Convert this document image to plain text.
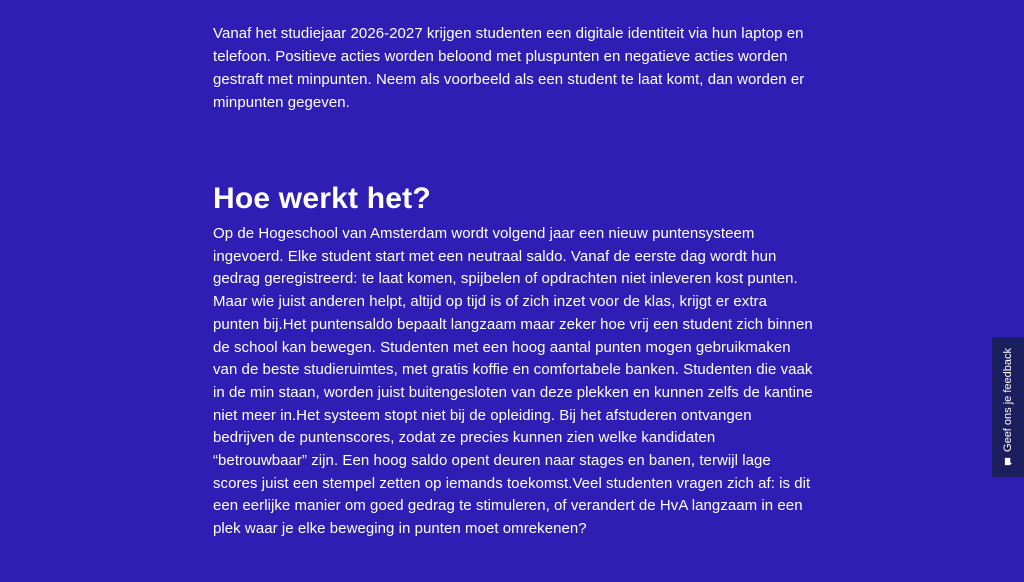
Vanaf het studiejaar 2026-2027 krijgen studenten een digitale identiteit via hun laptop en telefoon. Positieve acties worden beloond met pluspunten en negatieve acties worden gestraft met minpunten. Neem als voorbeeld als een student te laat komt, dan worden er minpunten gegeven.

Hoe werkt het?

Op de Hogeschool van Amsterdam wordt volgend jaar een nieuw puntensysteem ingevoerd. Elke student start met een neutraal saldo. Vanaf de eerste dag wordt hun gedrag geregistreerd: te laat komen, spijbelen of opdrachten niet inleveren kost punten. Maar wie juist anderen helpt, altijd op tijd is of zich inzet voor de klas, krijgt er extra punten bij.Het puntensaldo bepaalt langzaam maar zeker hoe vrij een student zich binnen de school kan bewegen. Studenten met een hoog aantal punten mogen gebruikmaken van de beste studieruimtes, met gratis koffie en comfortabele banken. Studenten die vaak in de min staan, worden juist buitengesloten van deze plekken en kunnen zelfs de kantine niet meer in.Het systeem stopt niet bij de opleiding. Bij het afstuderen ontvangen bedrijven de puntenscores, zodat ze precies kunnen zien welke kandidaten “betrouwbaar” zijn. Een hoog saldo opent deuren naar stages en banen, terwijl lage scores juist een stempel zetten op iemands toekomst.Veel studenten vragen zich af: is dit een eerlijke manier om goed gedrag te stimuleren, of verandert de HvA langzaam in een plek waar je elke beweging in punten moet omrekenen?

Geef ons je feedback
